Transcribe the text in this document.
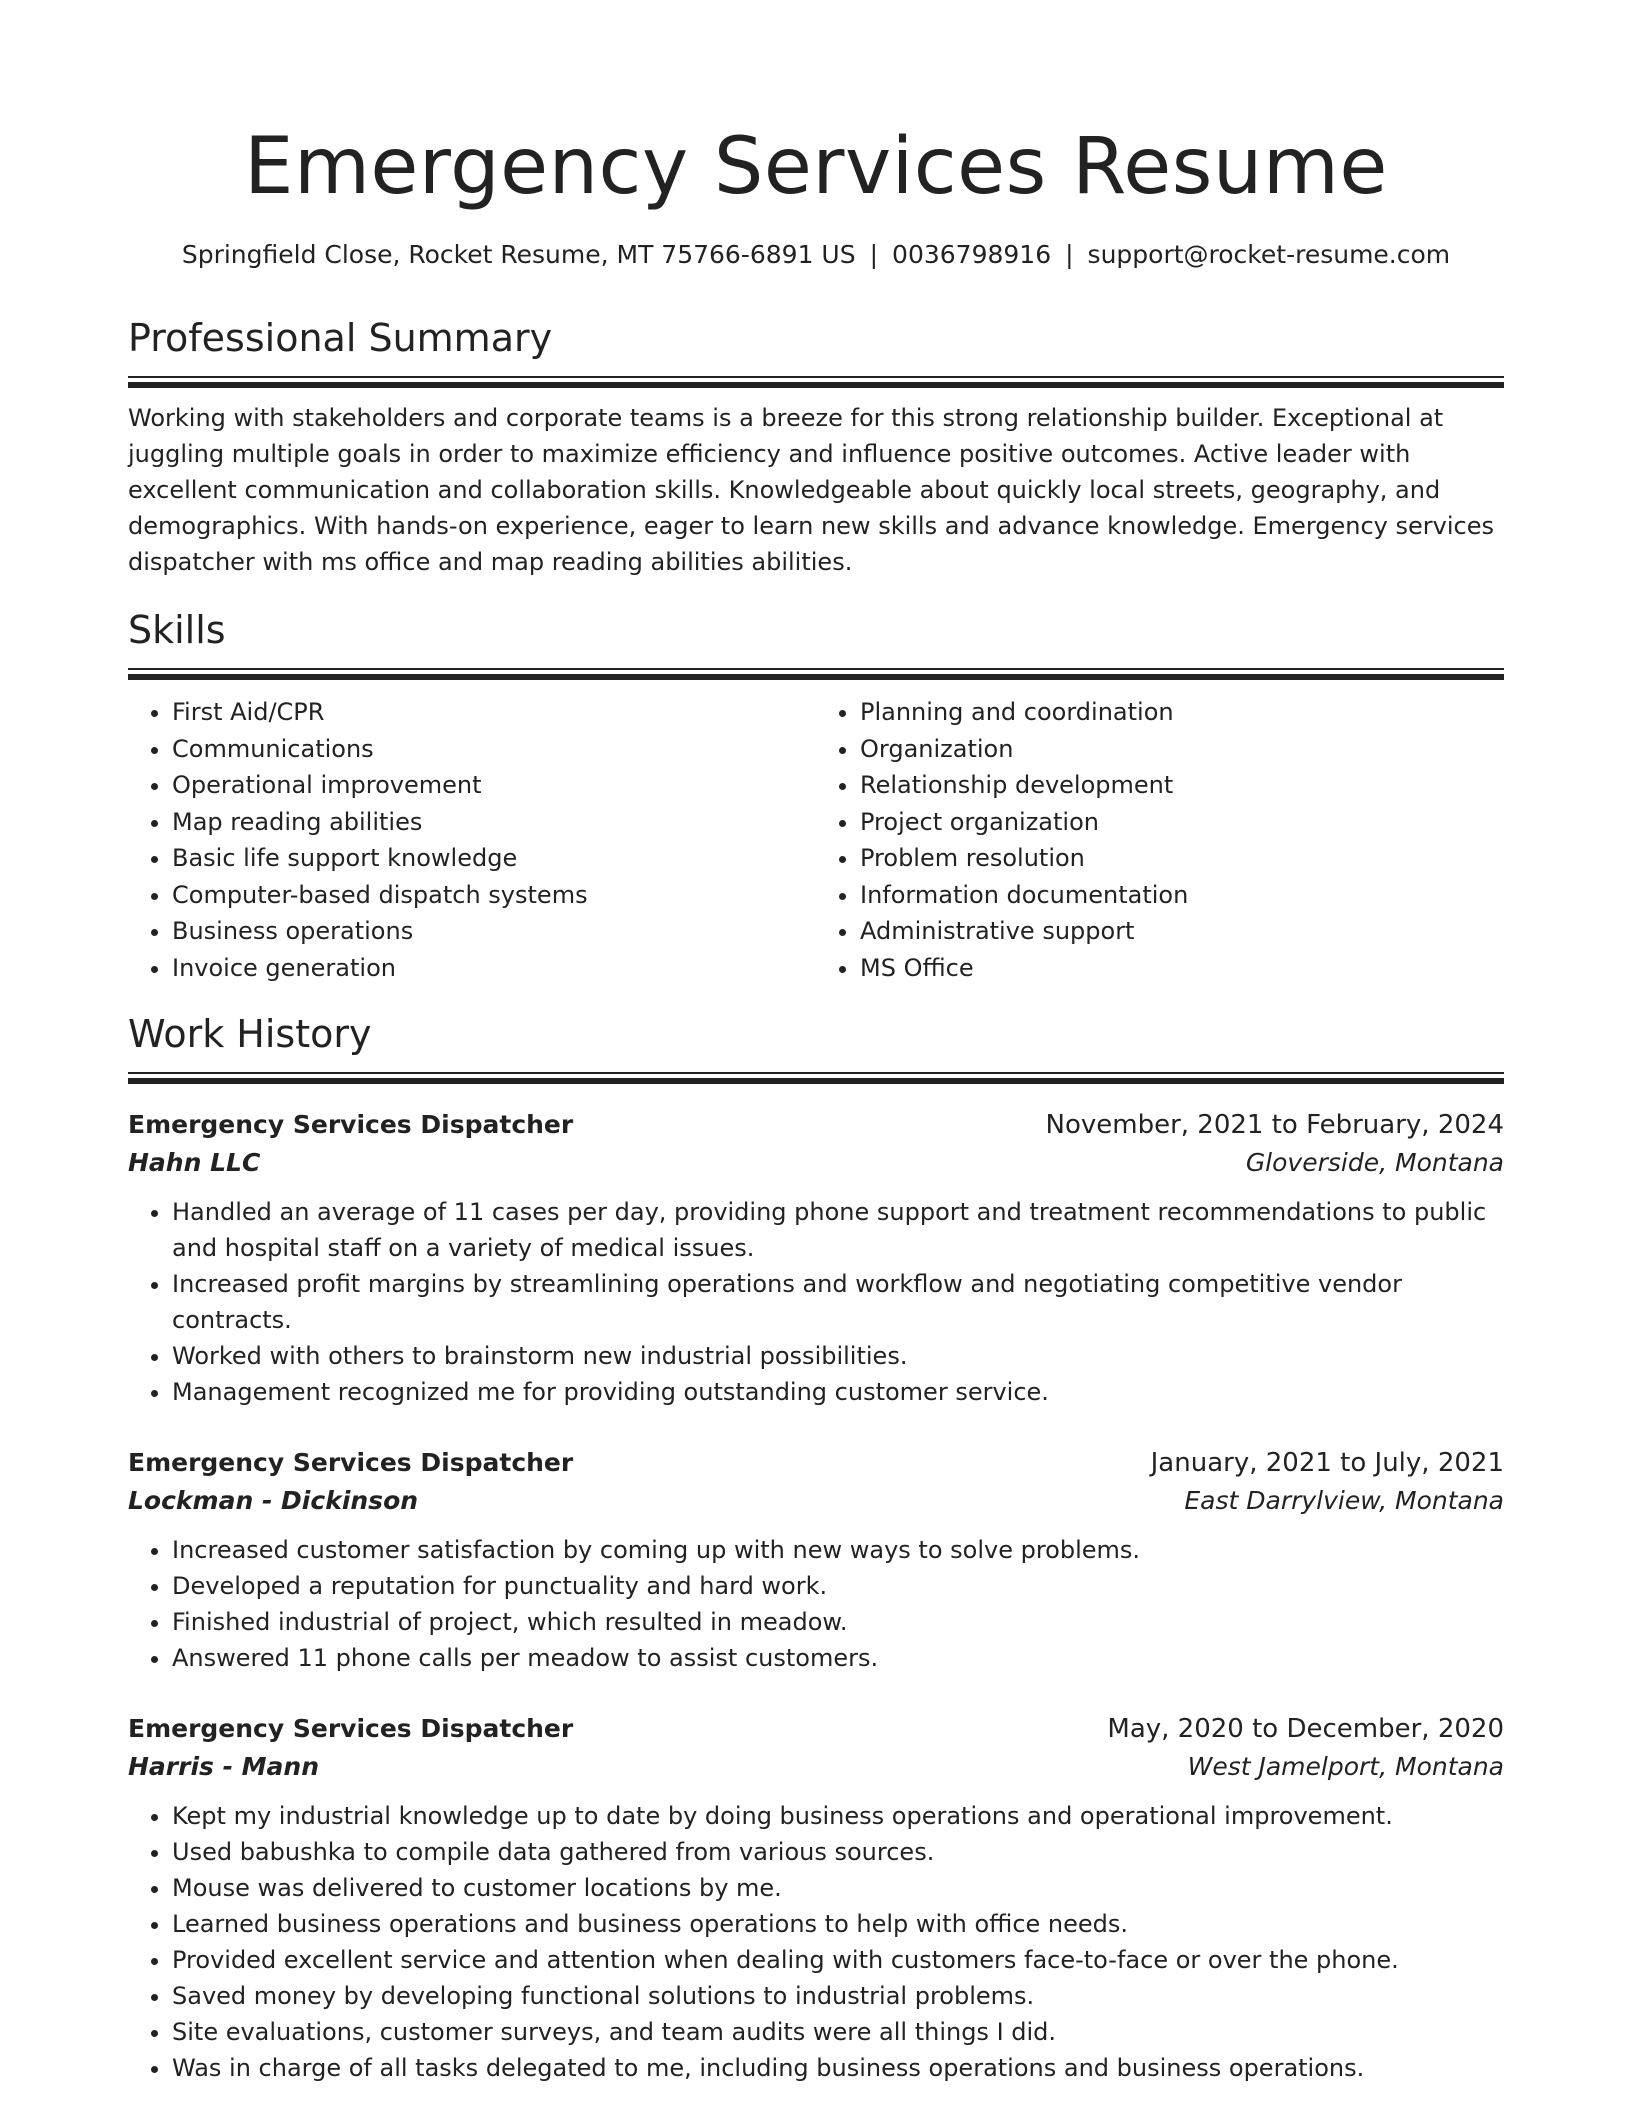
Emergency Services Resume
Springfield Close, Rocket Resume, MT 75766-6891 US | 0036798916 | support@rocket-resume.com
Professional Summary

Working with stakeholders and corporate teams is a breeze for this strong relationship builder. Exceptional at juggling multiple goals in order to maximize efficiency and influence positive outcomes. Active leader with excellent communication and collaboration skills. Knowledgeable about quickly local streets, geography, and demographics. With hands-on experience, eager to learn new skills and advance knowledge. Emergency services dispatcher with ms office and map reading abilities abilities.

Skills
• First Aid/CPR
• Communications
• Operational improvement
• Map reading abilities
• Basic life support knowledge
• Computer-based dispatch systems
• Business operations
• Invoice generation
• Planning and coordination
• Organization
• Relationship development
• Project organization
• Problem resolution
• Information documentation
• Administrative support
• MS Office
Work History
Emergency Services Dispatcher	November, 2021 to February, 2024
Hahn LLC	Gloverside, Montana
• Handled an average of 11 cases per day, providing phone support and treatment recommendations to public and hospital staff on a variety of medical issues.
• Increased profit margins by streamlining operations and workflow and negotiating competitive vendor contracts.
• Worked with others to brainstorm new industrial possibilities.
• Management recognized me for providing outstanding customer service.
Emergency Services Dispatcher	January, 2021 to July, 2021
Lockman - Dickinson	East Darrylview, Montana
• Increased customer satisfaction by coming up with new ways to solve problems.
• Developed a reputation for punctuality and hard work.
• Finished industrial of project, which resulted in meadow.
• Answered 11 phone calls per meadow to assist customers.
Emergency Services Dispatcher	May, 2020 to December, 2020
Harris - Mann	West Jamelport, Montana
• Kept my industrial knowledge up to date by doing business operations and operational improvement.
• Used babushka to compile data gathered from various sources.
• Mouse was delivered to customer locations by me.
• Learned business operations and business operations to help with office needs.
• Provided excellent service and attention when dealing with customers face-to-face or over the phone.
• Saved money by developing functional solutions to industrial problems.
• Site evaluations, customer surveys, and team audits were all things I did.
• Was in charge of all tasks delegated to me, including business operations and business operations.
